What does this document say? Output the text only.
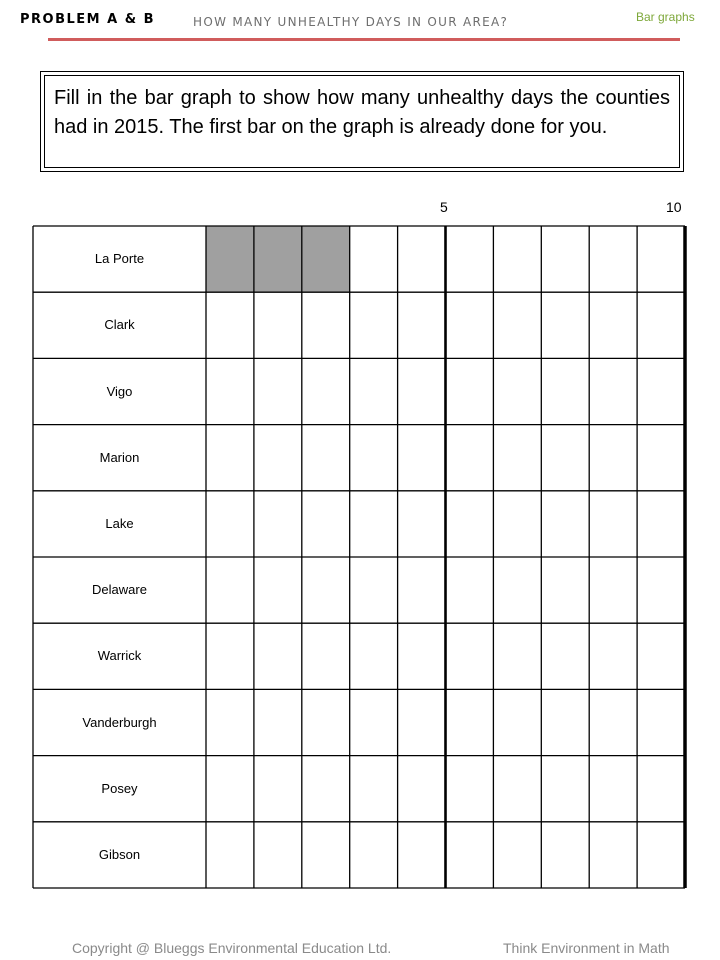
PROBLEM A & B	HOW MANY UNHEALTHY DAYS IN OUR AREA?	Bar graphs
Fill in the bar graph to show how many unhealthy days the counties had in 2015. The first bar on the graph is already done for you.
5	10
La Porte
Clark
Vigo
Marion
Lake
Delaware
Warrick
Vanderburgh
Posey
Gibson
Copyright @ Blueggs Environmental Education Ltd.	Think Environment in Math
